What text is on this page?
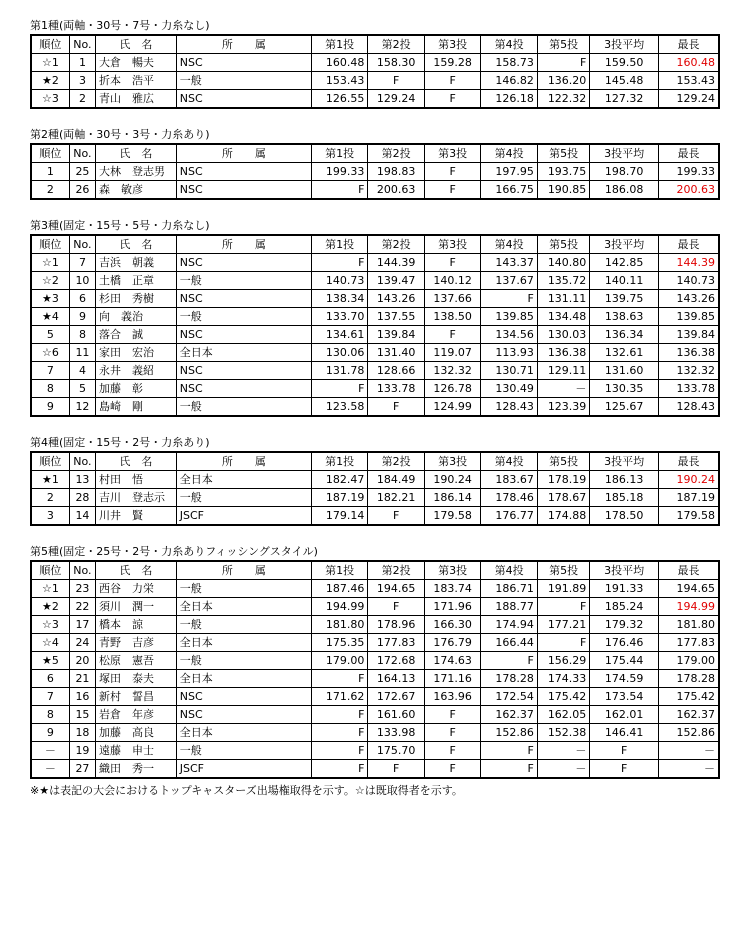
第1種(両軸・30号・7号・力糸なし)
順位	No.	氏　名	所　　属	第1投	第2投	第3投	第4投	第5投	3投平均	最長
☆1	1	大倉　暢夫	NSC	160.48	158.30	159.28	158.73	F	159.50	160.48
★2	3	折本　浩平	一般	153.43	F	F	146.82	136.20	145.48	153.43
☆3	2	青山　雅広	NSC	126.55	129.24	F	126.18	122.32	127.32	129.24
第2種(両軸・30号・3号・力糸あり)
順位	No.	氏　名	所　　属	第1投	第2投	第3投	第4投	第5投	3投平均	最長
1	25	大林　登志男	NSC	199.33	198.83	F	197.95	193.75	198.70	199.33
2	26	森　敏彦	NSC	F	200.63	F	166.75	190.85	186.08	200.63
第3種(固定・15号・5号・力糸なし)
順位	No.	氏　名	所　　属	第1投	第2投	第3投	第4投	第5投	3投平均	最長
☆1	7	吉浜　朝義	NSC	F	144.39	F	143.37	140.80	142.85	144.39
☆2	10	土橋　正章	一般	140.73	139.47	140.12	137.67	135.72	140.11	140.73
★3	6	杉田　秀樹	NSC	138.34	143.26	137.66	F	131.11	139.75	143.26
★4	9	向　義治	一般	133.70	137.55	138.50	139.85	134.48	138.63	139.85
5	8	落合　誠	NSC	134.61	139.84	F	134.56	130.03	136.34	139.84
☆6	11	家田　宏治	全日本	130.06	131.40	119.07	113.93	136.38	132.61	136.38
7	4	永井　義紹	NSC	131.78	128.66	132.32	130.71	129.11	131.60	132.32
8	5	加藤　彰	NSC	F	133.78	126.78	130.49	－	130.35	133.78
9	12	島崎　剛	一般	123.58	F	124.99	128.43	123.39	125.67	128.43
第4種(固定・15号・2号・力糸あり)
順位	No.	氏　名	所　　属	第1投	第2投	第3投	第4投	第5投	3投平均	最長
★1	13	村田　悟	全日本	182.47	184.49	190.24	183.67	178.19	186.13	190.24
2	28	吉川　登志示	一般	187.19	182.21	186.14	178.46	178.67	185.18	187.19
3	14	川井　賢	JSCF	179.14	F	179.58	176.77	174.88	178.50	179.58
第5種(固定・25号・2号・力糸ありフィッシングスタイル)
順位	No.	氏　名	所　　属	第1投	第2投	第3投	第4投	第5投	3投平均	最長
☆1	23	西谷　力栄	一般	187.46	194.65	183.74	186.71	191.89	191.33	194.65
★2	22	須川　潤一	全日本	194.99	F	171.96	188.77	F	185.24	194.99
☆3	17	橋本　諒	一般	181.80	178.96	166.30	174.94	177.21	179.32	181.80
☆4	24	青野　吉彦	全日本	175.35	177.83	176.79	166.44	F	176.46	177.83
★5	20	松原　憲吾	一般	179.00	172.68	174.63	F	156.29	175.44	179.00
6	21	塚田　泰夫	全日本	F	164.13	171.16	178.28	174.33	174.59	178.28
7	16	新村　誓昌	NSC	171.62	172.67	163.96	172.54	175.42	173.54	175.42
8	15	岩倉　年彦	NSC	F	161.60	F	162.37	162.05	162.01	162.37
9	18	加藤　高良	全日本	F	133.98	F	152.86	152.38	146.41	152.86
－	19	遠藤　申士	一般	F	175.70	F	F	－	F	－
－	27	織田　秀一	JSCF	F	F	F	F	－	F	－
※★は表記の大会におけるトップキャスターズ出場権取得を示す。☆は既取得者を示す。
